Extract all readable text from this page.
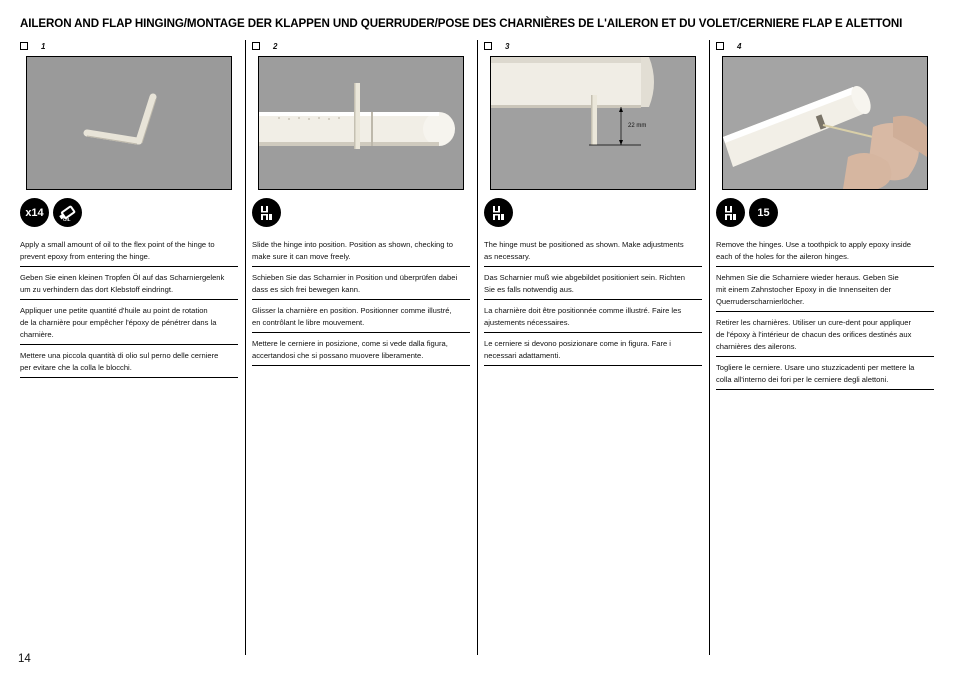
AILERON AND FLAP HINGING/MONTAGE DER KLAPPEN UND QUERRUDER/POSE DES CHARNIÈRES DE L'AILERON ET DU VOLET/CERNIERE FLAP E ALETTONI
1
x14
OIL
Apply a small amount of oil to the flex point of the hinge to
prevent epoxy from entering the hinge.
Geben Sie einen kleinen Tropfen Öl auf das Scharniergelenk
um zu verhindern das dort Klebstoff eindringt.
Appliquer une petite quantité d'huile au point de rotation
de la charnière pour empêcher l'époxy de pénétrer dans la
charnière.
Mettere una piccola quantità di olio sul perno delle cerniere
per evitare che la colla le blocchi.
2
Slide the hinge into position. Position as shown, checking to
make sure it can move freely.
Schieben Sie das Scharnier in Position und überprüfen dabei
dass es sich frei bewegen kann.
Glisser la charnière en position. Positionner comme illustré,
en contrôlant le libre mouvement.
Mettere le cerniere in posizione, come si vede dalla figura,
accertandosi che si possano muovere liberamente.
3
22 mm
The hinge must be positioned as shown. Make adjustments
as necessary.
Das Scharnier muß wie abgebildet positioniert sein. Richten
Sie es falls notwendig aus.
La charnière doit être positionnée comme illustré. Faire les
ajustements nécessaires.
Le cerniere si devono posizionare come in figura. Fare i
necessari adattamenti.
4
15
Remove the hinges. Use a toothpick to apply epoxy inside
each of the holes for the aileron hinges.
Nehmen Sie die Scharniere wieder heraus. Geben Sie
mit einem Zahnstocher Epoxy in die Innenseiten der
Querruderscharnierlöcher.
Retirer les charnières. Utiliser un cure-dent pour appliquer
de l'époxy à l'intérieur de chacun des orifices destinés aux
charnières des ailerons.
Togliere le cerniere. Usare uno stuzzicadenti per mettere la
colla all'interno dei fori per le cerniere degli alettoni.
14
